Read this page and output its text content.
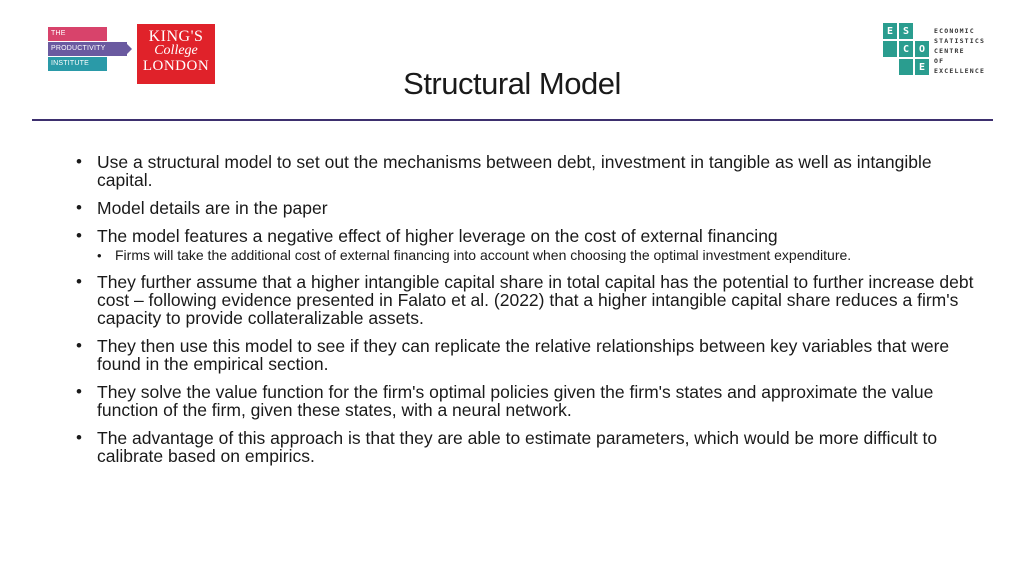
THE
PRODUCTIVITY
INSTITUTE
KING'S
College
LONDON
E S
C O
E
ECONOMIC
STATISTICS
CENTRE
OF
EXCELLENCE
Structural Model
• Use a structural model to set out the mechanisms between debt, investment in tangible as well as intangible capital.
• Model details are in the paper
• The model features a negative effect of higher leverage on the cost of external financing
• Firms will take the additional cost of external financing into account when choosing the optimal investment expenditure.
• They further assume that a higher intangible capital share in total capital has the potential to further increase debt cost – following evidence presented in Falato et al. (2022) that a higher intangible capital share reduces a firm's capacity to provide collateralizable assets.
• They then use this model to see if they can replicate the relative relationships between key variables that were found in the empirical section.
• They solve the value function for the firm's optimal policies given the firm's states and approximate the value function of the firm, given these states, with a neural network.
• The advantage of this approach is that they are able to estimate parameters, which would be more difficult to calibrate based on empirics.
